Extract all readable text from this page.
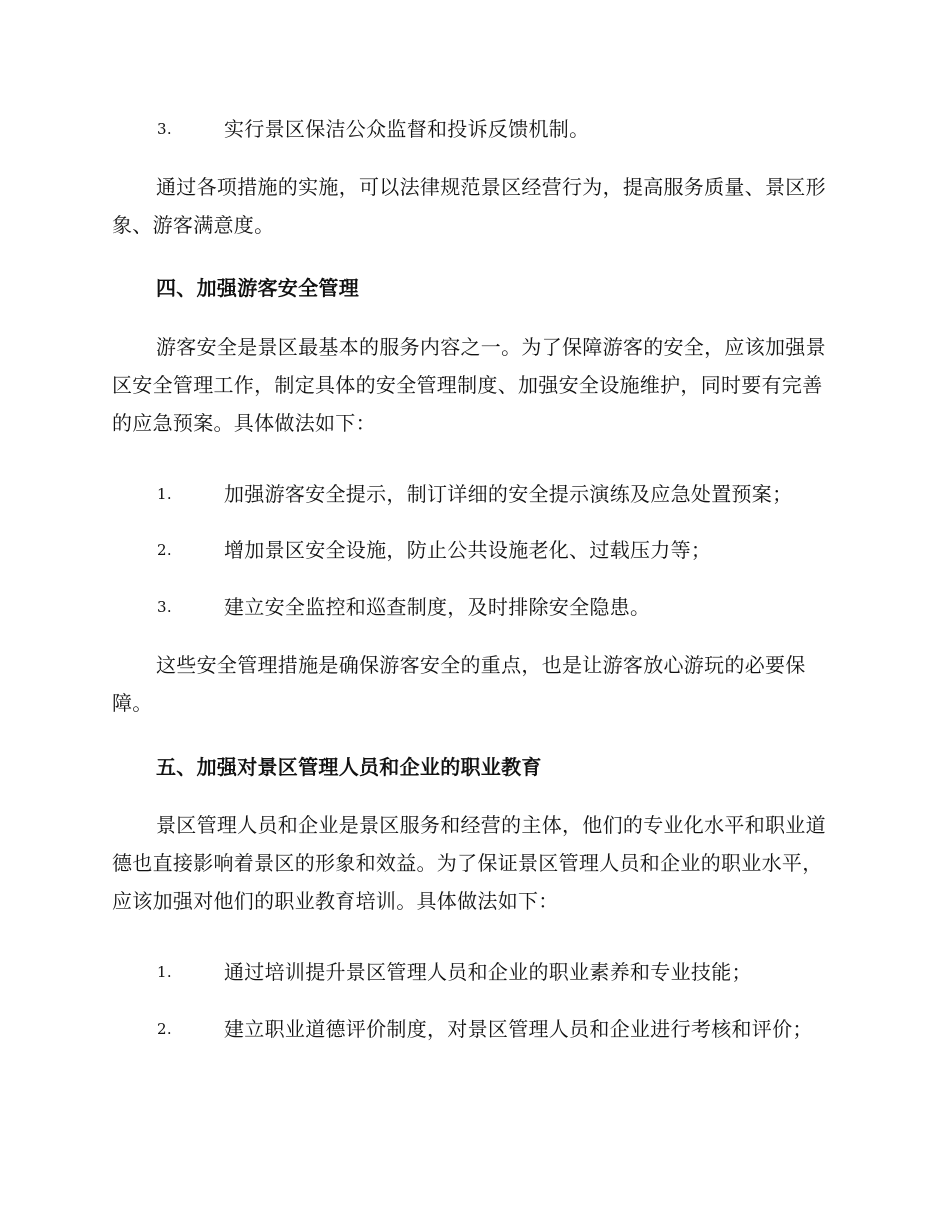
3.	实行景区保洁公众监督和投诉反馈机制。
通过各项措施的实施，可以法律规范景区经营行为，提高服务质量、景区形象、游客满意度。
四、加强游客安全管理
游客安全是景区最基本的服务内容之一。为了保障游客的安全，应该加强景区安全管理工作，制定具体的安全管理制度、加强安全设施维护，同时要有完善的应急预案。具体做法如下：
1.	加强游客安全提示，制订详细的安全提示演练及应急处置预案；
2.	增加景区安全设施，防止公共设施老化、过载压力等；
3.	建立安全监控和巡查制度，及时排除安全隐患。
这些安全管理措施是确保游客安全的重点，也是让游客放心游玩的必要保障。
五、加强对景区管理人员和企业的职业教育
景区管理人员和企业是景区服务和经营的主体，他们的专业化水平和职业道德也直接影响着景区的形象和效益。为了保证景区管理人员和企业的职业水平，应该加强对他们的职业教育培训。具体做法如下：
1.	通过培训提升景区管理人员和企业的职业素养和专业技能；
2.	建立职业道德评价制度，对景区管理人员和企业进行考核和评价；
